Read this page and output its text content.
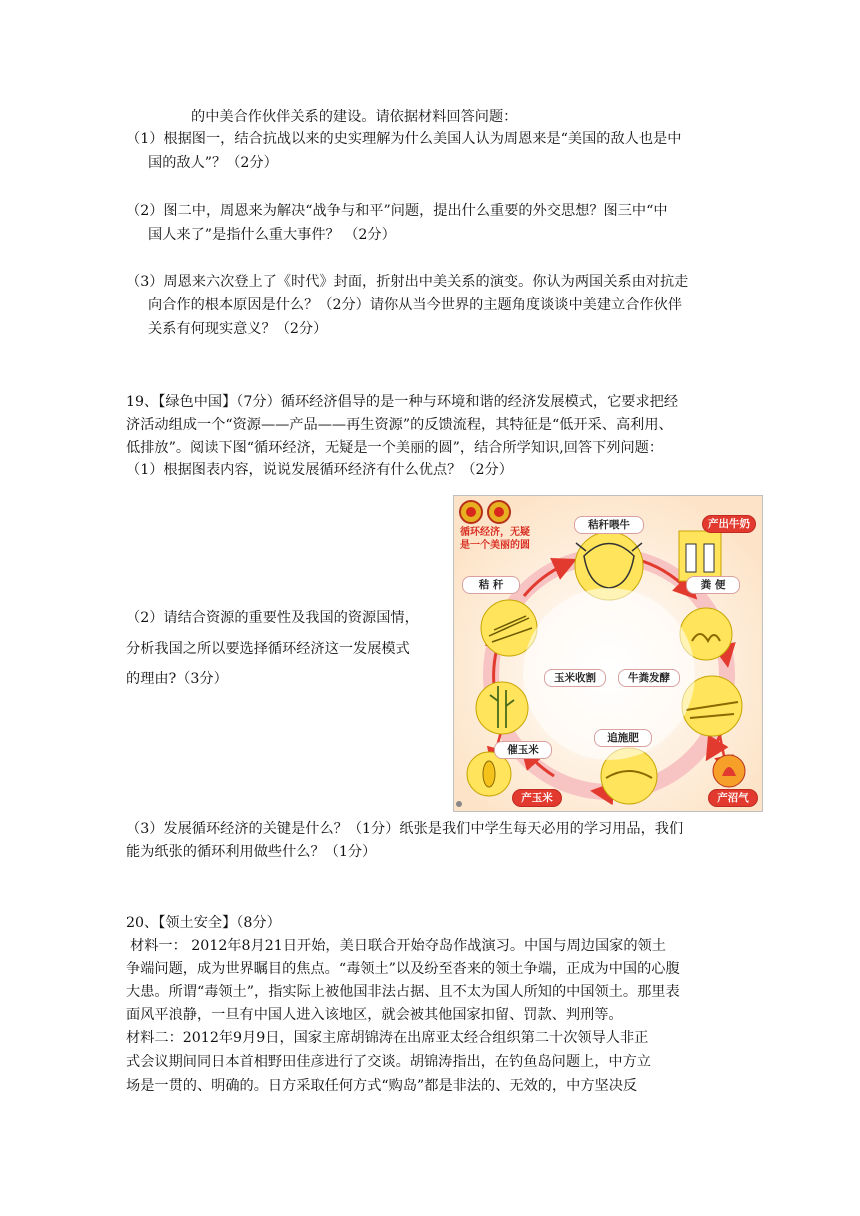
的中美合作伙伴关系的建设。请依据材料回答问题：
（1）根据图一，结合抗战以来的史实理解为什么美国人认为周恩来是“美国的敌人也是中
国的敌人”？（2分）
（2）图二中，周恩来为解决“战争与和平”问题，提出什么重要的外交思想？图三中“中
国人来了”是指什么重大事件？ （2分）
（3）周恩来六次登上了《时代》封面，折射出中美关系的演变。你认为两国关系由对抗走
向合作的根本原因是什么？（2分）请你从当今世界的主题角度谈谈中美建立合作伙伴
关系有何现实意义？（2分）
19、【绿色中国】（7分）循环经济倡导的是一种与环境和谐的经济发展模式，它要求把经
济活动组成一个“资源——产品——再生资源”的反馈流程，其特征是“低开采、高利用、
低排放”。阅读下图“循环经济，无疑是一个美丽的圆”，结合所学知识,回答下列问题：
（1）根据图表内容，说说发展循环经济有什么优点？（2分）
（2）请结合资源的重要性及我国的资源国情，
分析我国之所以要选择循环经济这一发展模式
的理由?（3分）
循环经济，无疑
是一个美丽的圆
秸秆喂牛	产出牛奶
秸 秆	粪 便
玉米收割	牛粪发酵
追施肥
催玉米
产玉米	产沼气
（3）发展循环经济的关键是什么？（1分）纸张是我们中学生每天必用的学习用品，我们
能为纸张的循环利用做些什么？（1分）
20、【领土安全】（8分）
材料一： 2012年8月21日开始，美日联合开始夺岛作战演习。中国与周边国家的领土
争端问题，成为世界瞩目的焦点。“毒领土”以及纷至沓来的领土争端，正成为中国的心腹
大患。所谓“毒领土”，指实际上被他国非法占据、且不太为国人所知的中国领土。那里表
面风平浪静，一旦有中国人进入该地区，就会被其他国家扣留、罚款、判刑等。
材料二：2012年9月9日，国家主席胡锦涛在出席亚太经合组织第二十次领导人非正
式会议期间同日本首相野田佳彦进行了交谈。胡锦涛指出，在钓鱼岛问题上，中方立
场是一贯的、明确的。日方采取任何方式“购岛”都是非法的、无效的，中方坚决反
